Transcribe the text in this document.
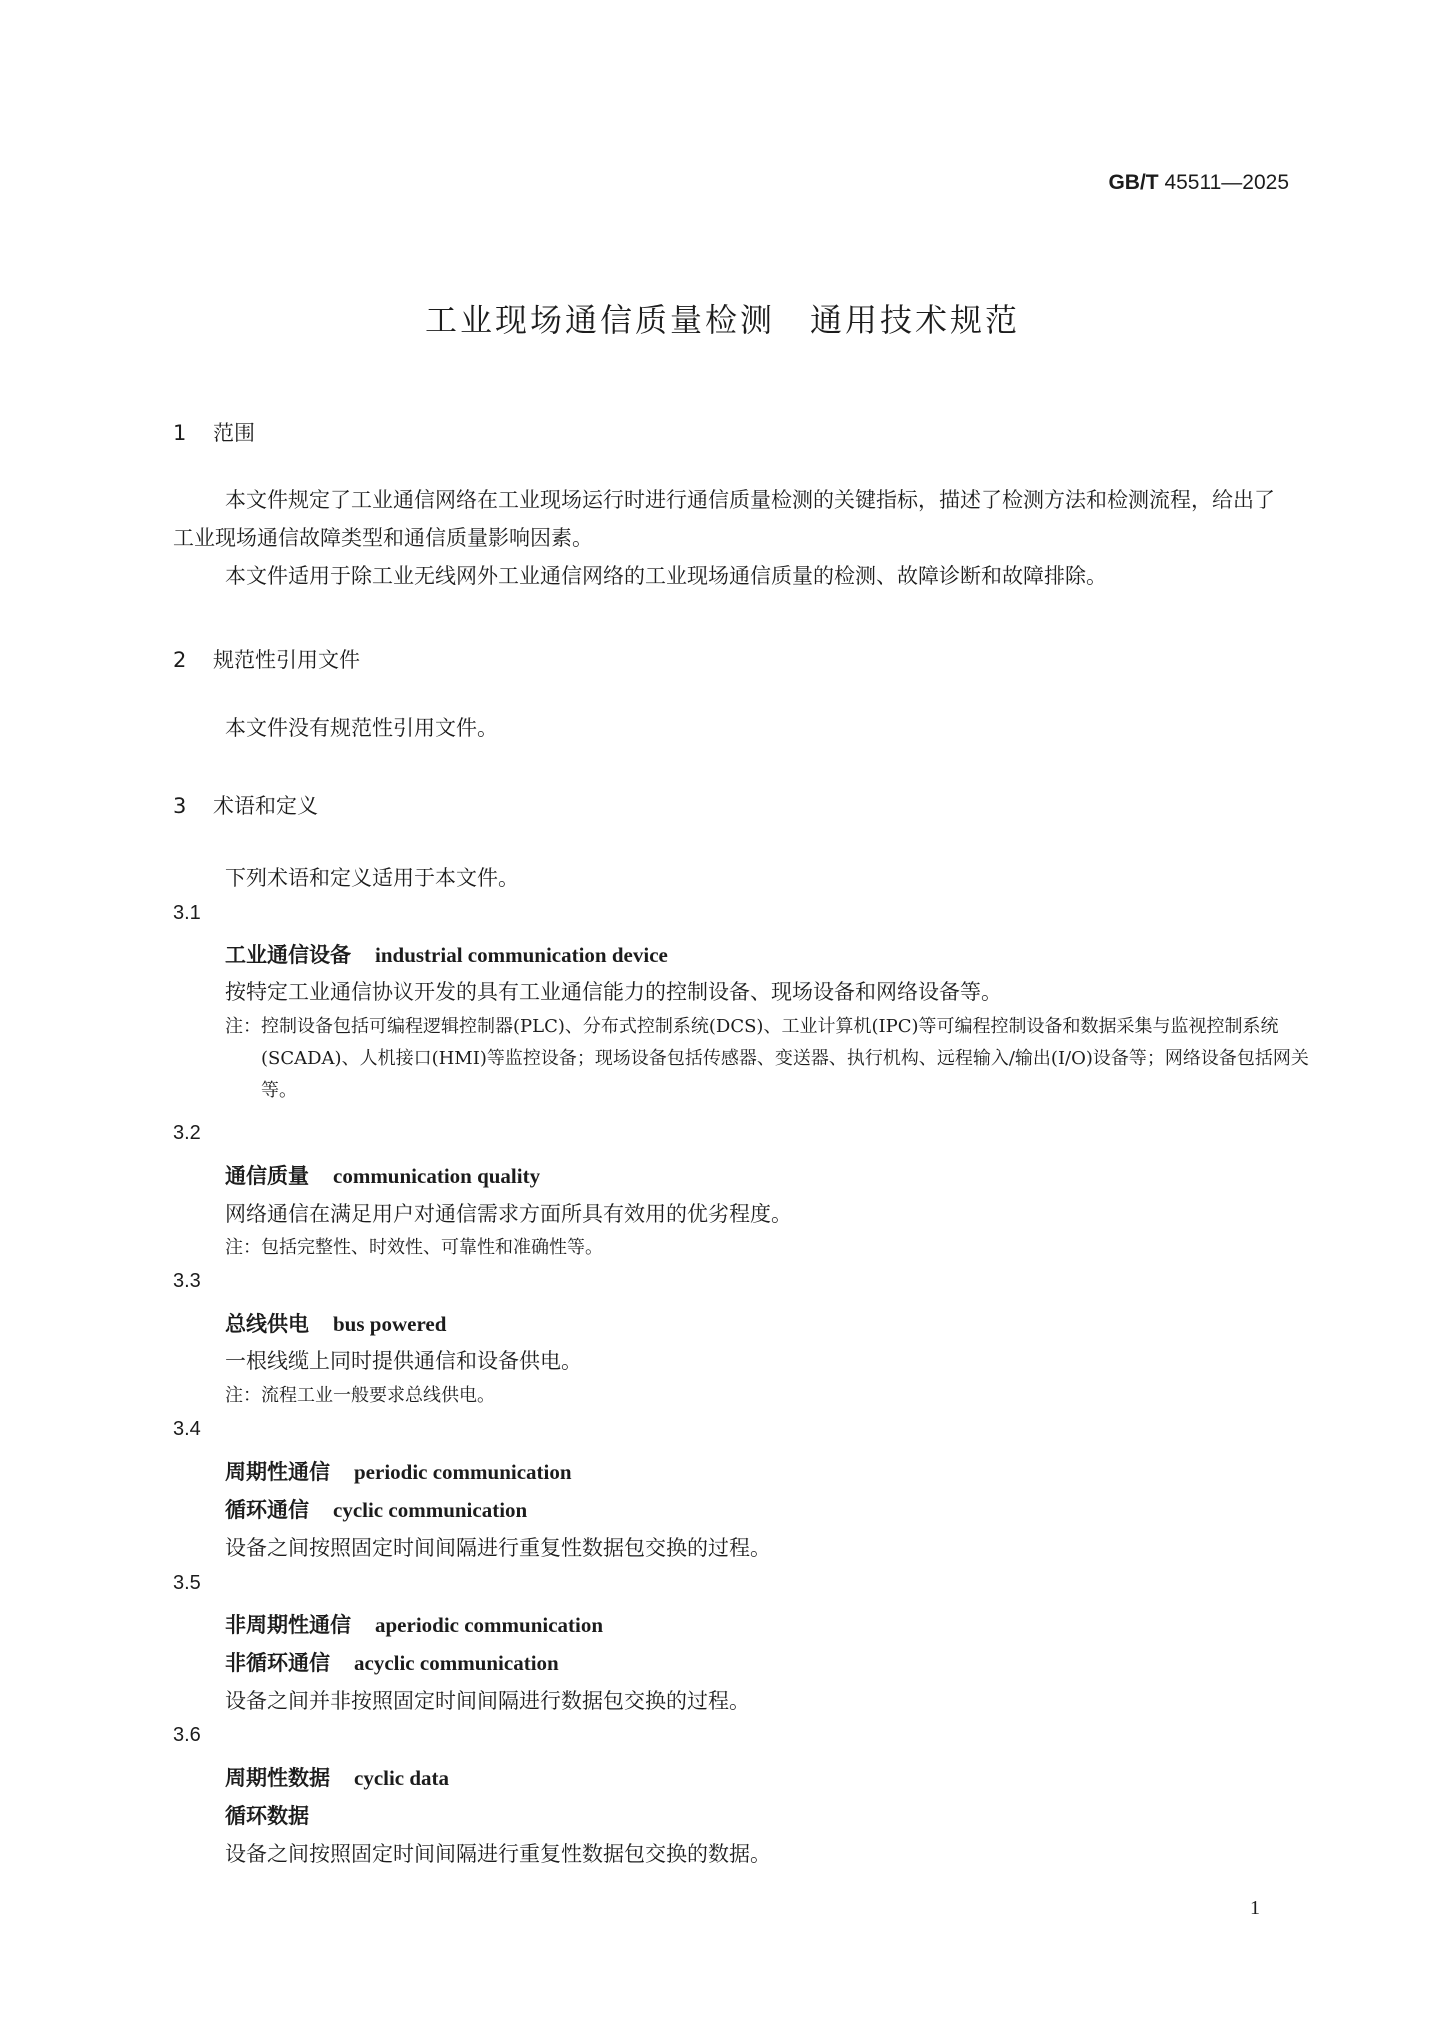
GB/T 45511—2025
工业现场通信质量检测　通用技术规范
1 范围
本文件规定了工业通信网络在工业现场运行时进行通信质量检测的关键指标，描述了检测方法和检测流程，给出了工业现场通信故障类型和通信质量影响因素。
本文件适用于除工业无线网外工业通信网络的工业现场通信质量的检测、故障诊断和故障排除。
2 规范性引用文件
本文件没有规范性引用文件。
3 术语和定义
下列术语和定义适用于本文件。
3.1
工业通信设备 industrial communication device
按特定工业通信协议开发的具有工业通信能力的控制设备、现场设备和网络设备等。
注：控制设备包括可编程逻辑控制器(PLC)、分布式控制系统(DCS)、工业计算机(IPC)等可编程控制设备和数据采集与监视控制系统(SCADA)、人机接口(HMI)等监控设备；现场设备包括传感器、变送器、执行机构、远程输入/输出(I/O)设备等；网络设备包括网关等。
3.2
通信质量 communication quality
网络通信在满足用户对通信需求方面所具有效用的优劣程度。
注：包括完整性、时效性、可靠性和准确性等。
3.3
总线供电 bus powered
一根线缆上同时提供通信和设备供电。
注：流程工业一般要求总线供电。
3.4
周期性通信 periodic communication
循环通信 cyclic communication
设备之间按照固定时间间隔进行重复性数据包交换的过程。
3.5
非周期性通信 aperiodic communication
非循环通信 acyclic communication
设备之间并非按照固定时间间隔进行数据包交换的过程。
3.6
周期性数据 cyclic data
循环数据
设备之间按照固定时间间隔进行重复性数据包交换的数据。
1
